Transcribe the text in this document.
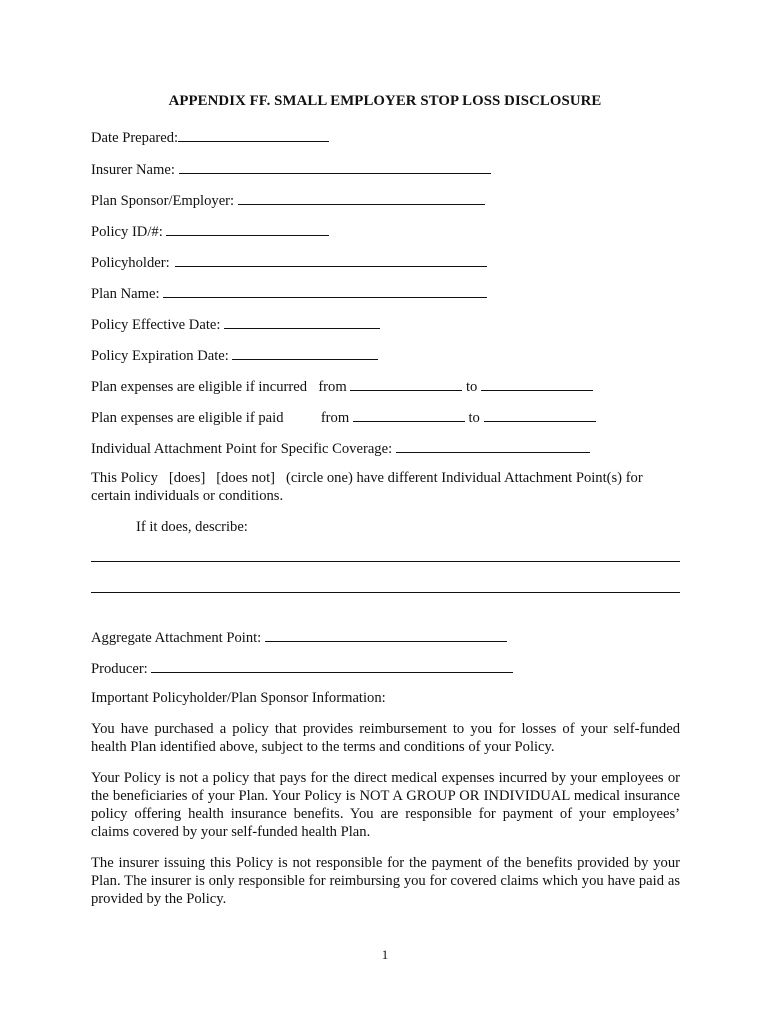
APPENDIX FF. SMALL EMPLOYER STOP LOSS DISCLOSURE
Date Prepared:
Insurer Name:
Plan Sponsor/Employer:
Policy ID/#:
Policyholder:
Plan Name:
Policy Effective Date:
Policy Expiration Date:
Plan expenses are eligible if incurred from	to
Plan expenses are eligible if paid	from	to
Individual Attachment Point for Specific Coverage:
This Policy   [does]   [does not]   (circle one) have different Individual Attachment Point(s) for
certain individuals or conditions.
If it does, describe:
Aggregate Attachment Point:
Producer:
Important Policyholder/Plan Sponsor Information:
You have purchased a policy that provides reimbursement to you for losses of your self-funded health Plan identified above, subject to the terms and conditions of your Policy.
Your Policy is not a policy that pays for the direct medical expenses incurred by your employees or the beneficiaries of your Plan. Your Policy is NOT A GROUP OR INDIVIDUAL medical insurance policy offering health insurance benefits. You are responsible for payment of your employees’ claims covered by your self-funded health Plan.
The insurer issuing this Policy is not responsible for the payment of the benefits provided by your Plan. The insurer is only responsible for reimbursing you for covered claims which you have paid as provided by the Policy.
1
